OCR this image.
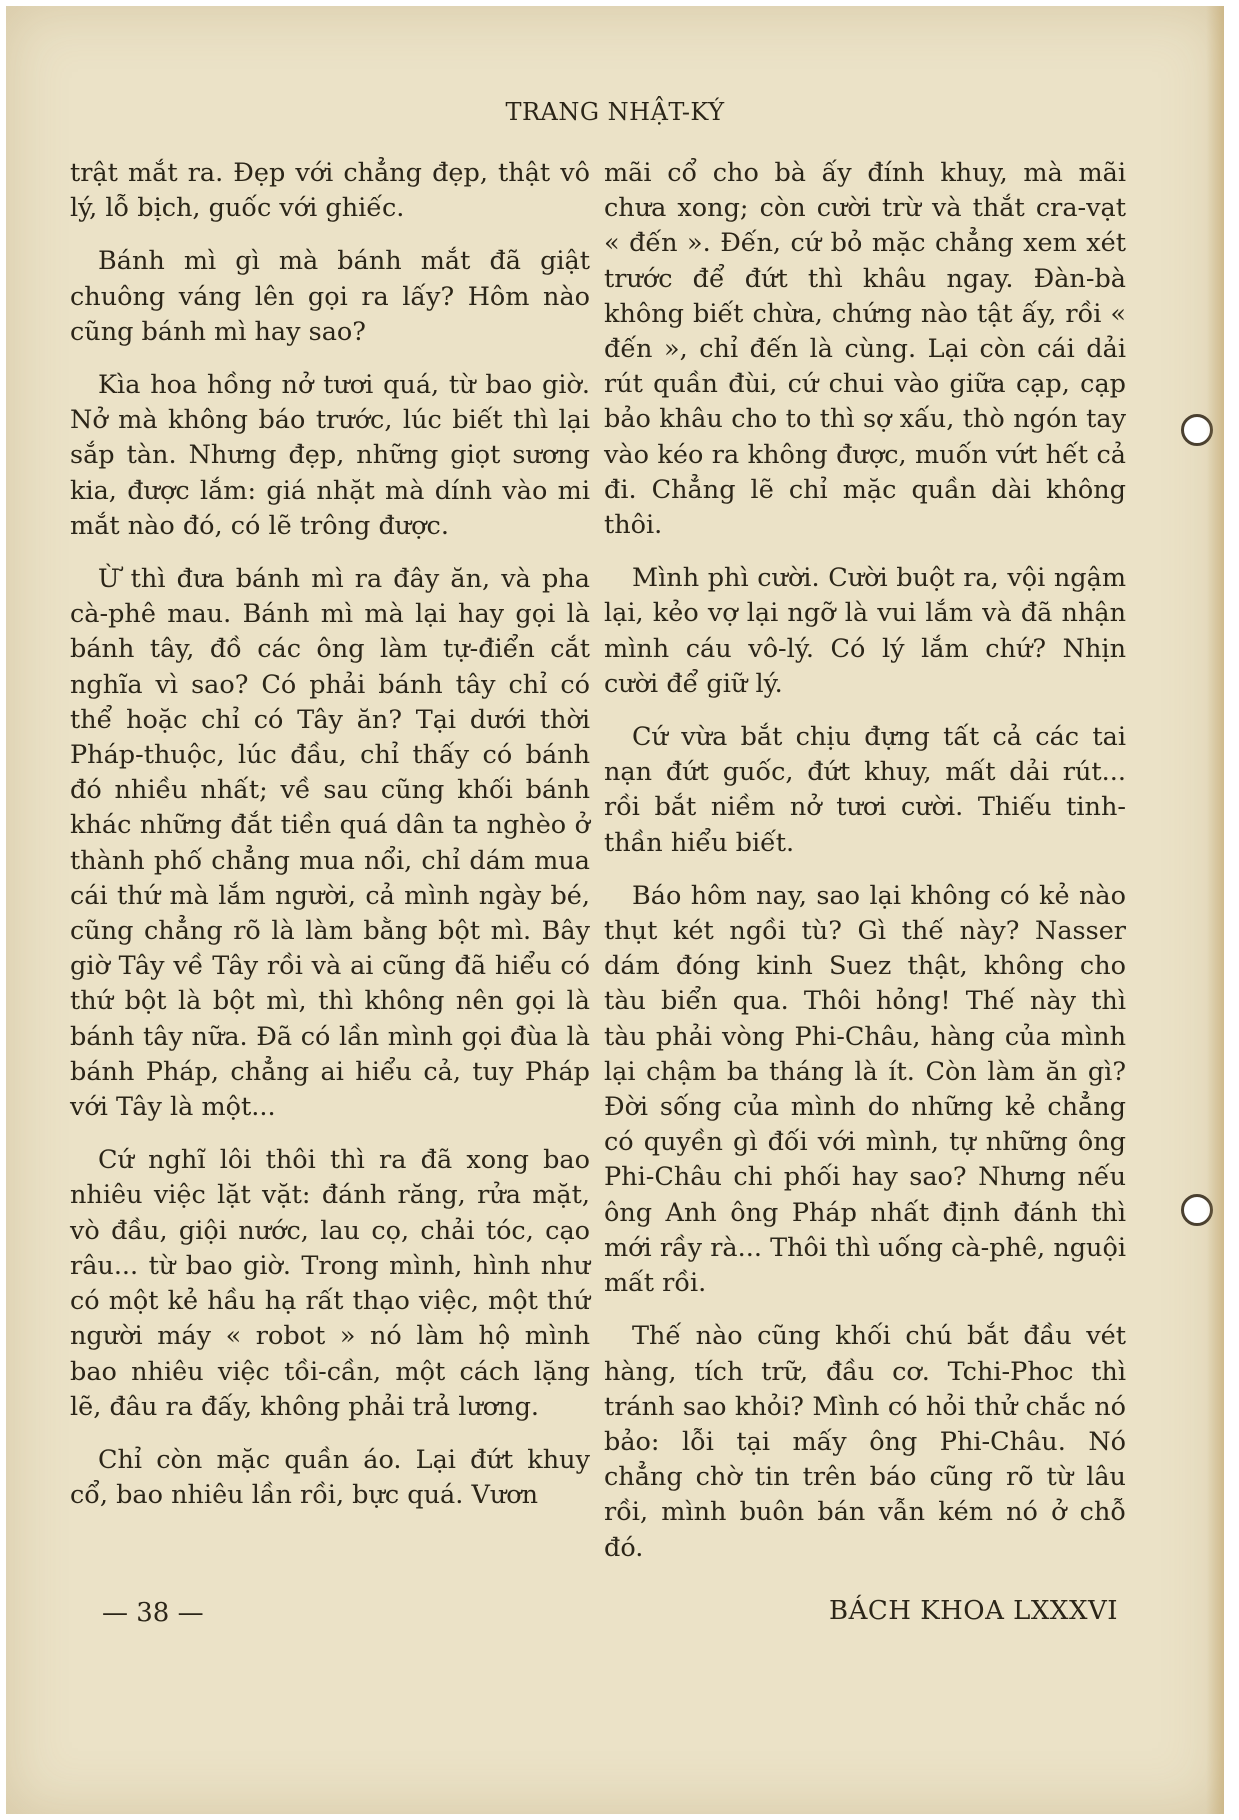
TRANG NHẬT-KÝ

trật mắt ra. Đẹp với chẳng đẹp, thật vô lý, lỗ bịch, guốc với ghiếc.

Bánh mì gì mà bánh mắt đã giật chuông váng lên gọi ra lấy? Hôm nào cũng bánh mì hay sao?

Kìa hoa hồng nở tươi quá, từ bao giờ. Nở mà không báo trước, lúc biết thì lại sắp tàn. Nhưng đẹp, những giọt sương kia, được lắm: giá nhặt mà dính vào mi mắt nào đó, có lẽ trông được.

Ừ thì đưa bánh mì ra đây ăn, và pha cà-phê mau. Bánh mì mà lại hay gọi là bánh tây, đồ các ông làm tự-điển cắt nghĩa vì sao? Có phải bánh tây chỉ có thể hoặc chỉ có Tây ăn? Tại dưới thời Pháp-thuộc, lúc đầu, chỉ thấy có bánh đó nhiều nhất; về sau cũng khối bánh khác những đắt tiền quá dân ta nghèo ở thành phố chẳng mua nổi, chỉ dám mua cái thứ mà lắm người, cả mình ngày bé, cũng chẳng rõ là làm bằng bột mì. Bây giờ Tây về Tây rồi và ai cũng đã hiểu có thứ bột là bột mì, thì không nên gọi là bánh tây nữa. Đã có lần mình gọi đùa là bánh Pháp, chẳng ai hiểu cả, tuy Pháp với Tây là một...

Cứ nghĩ lôi thôi thì ra đã xong bao nhiêu việc lặt vặt: đánh răng, rửa mặt, vò đầu, giội nước, lau cọ, chải tóc, cạo râu... từ bao giờ. Trong mình, hình như có một kẻ hầu hạ rất thạo việc, một thứ người máy « robot » nó làm hộ mình bao nhiêu việc tồi-cần, một cách lặng lẽ, đâu ra đấy, không phải trả lương.

Chỉ còn mặc quần áo. Lại đứt khuy cổ, bao nhiêu lần rồi, bực quá. Vươn

mãi cổ cho bà ấy đính khuy, mà mãi chưa xong; còn cười trừ và thắt cra-vạt « đến ». Đến, cứ bỏ mặc chẳng xem xét trước để đứt thì khâu ngay. Đàn-bà không biết chừa, chứng nào tật ấy, rồi « đến », chỉ đến là cùng. Lại còn cái dải rút quần đùi, cứ chui vào giữa cạp, cạp bảo khâu cho to thì sợ xấu, thò ngón tay vào kéo ra không được, muốn vứt hết cả đi. Chẳng lẽ chỉ mặc quần dài không thôi.

Mình phì cười. Cười buột ra, vội ngậm lại, kẻo vợ lại ngỡ là vui lắm và đã nhận mình cáu vô-lý. Có lý lắm chứ? Nhịn cười để giữ lý.

Cứ vừa bắt chịu đựng tất cả các tai nạn đứt guốc, đứt khuy, mất dải rút... rồi bắt niềm nở tươi cười. Thiếu tinh-thần hiểu biết.

Báo hôm nay, sao lại không có kẻ nào thụt két ngồi tù? Gì thế này? Nasser dám đóng kinh Suez thật, không cho tàu biển qua. Thôi hỏng! Thế này thì tàu phải vòng Phi-Châu, hàng của mình lại chậm ba tháng là ít. Còn làm ăn gì? Đời sống của mình do những kẻ chẳng có quyền gì đối với mình, tự những ông Phi-Châu chi phối hay sao? Nhưng nếu ông Anh ông Pháp nhất định đánh thì mới rầy rà... Thôi thì uống cà-phê, nguội mất rồi.

Thế nào cũng khối chú bắt đầu vét hàng, tích trữ, đầu cơ. Tchi-Phoc thì tránh sao khỏi? Mình có hỏi thử chắc nó bảo: lỗi tại mấy ông Phi-Châu. Nó chẳng chờ tin trên báo cũng rõ từ lâu rồi, mình buôn bán vẫn kém nó ở chỗ đó.

— 38 —	BÁCH KHOA LXXXVI
